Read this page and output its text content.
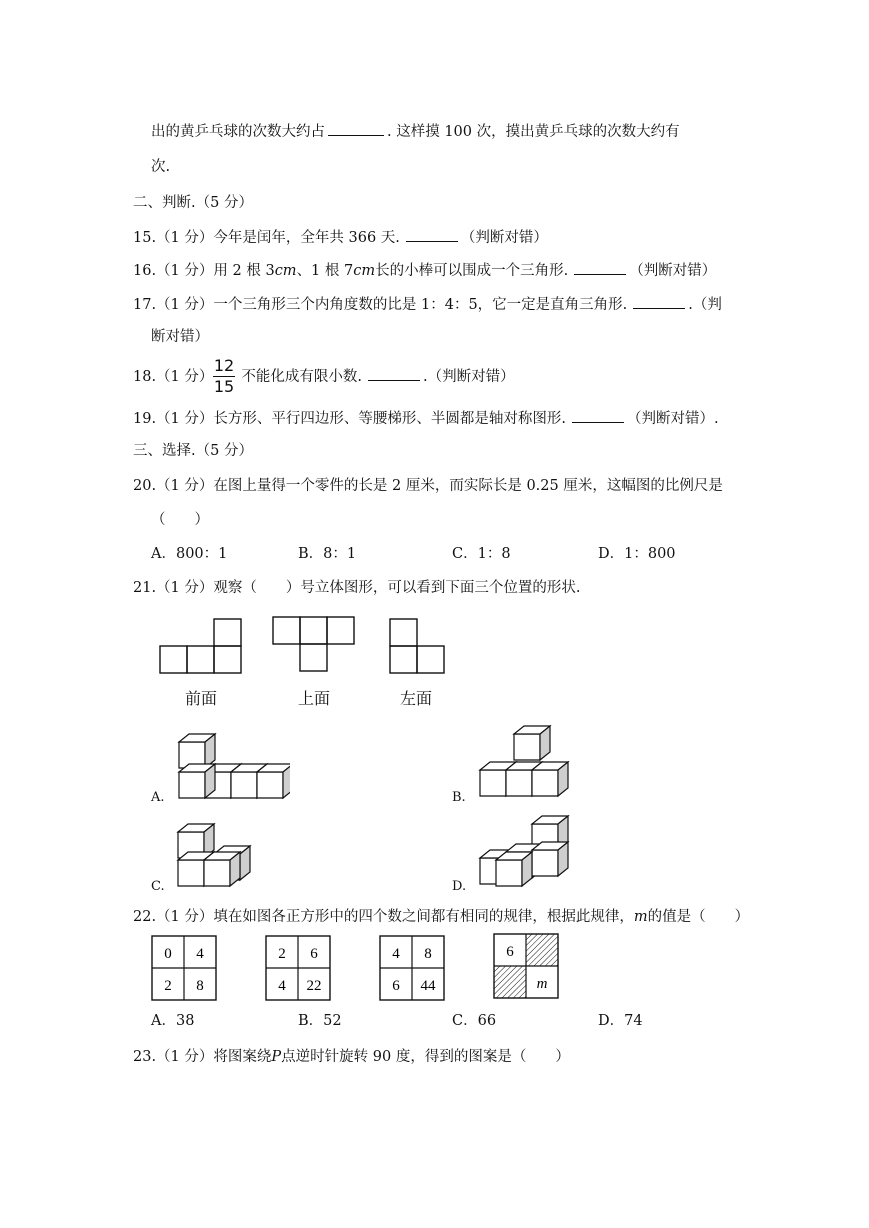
出的黄乒乓球的次数大约占	. 这样摸 100 次，摸出黄乒乓球的次数大约有
次.
二、判断.（5 分）
15.（1 分）今年是闰年，全年共 366 天.	（判断对错）
16.（1 分）用 2 根 3cm、1 根 7cm长的小棒可以围成一个三角形.	（判断对错）
17.（1 分）一个三角形三个内角度数的比是 1：4：5，它一定是直角三角形.	.（判
断对错）
18.（1 分） 不能化成有限小数.	.（判断对错）
12
15
19.（1 分）长方形、平行四边形、等腰梯形、半圆都是轴对称图形.	（判断对错）.
三、选择.（5 分）
20.（1 分）在图上量得一个零件的长是 2 厘米，而实际长是 0.25 厘米，这幅图的比例尺是
（　　）
A．800：1	B．8：1	C．1：8	D．1：800
21.（1 分）观察（　　）号立体图形，可以看到下面三个位置的形状.
前面	上面	左面
A.	B.
C.	D.
22.（1 分）填在如图各正方形中的四个数之间都有相同的规律，根据此规律，m的值是（　　）
0 4
2 8
2 6
4 22
4 8
6 44
6
m
A．38	B．52	C．66	D．74
23.（1 分）将图案绕P点逆时针旋转 90 度，得到的图案是（　　）
